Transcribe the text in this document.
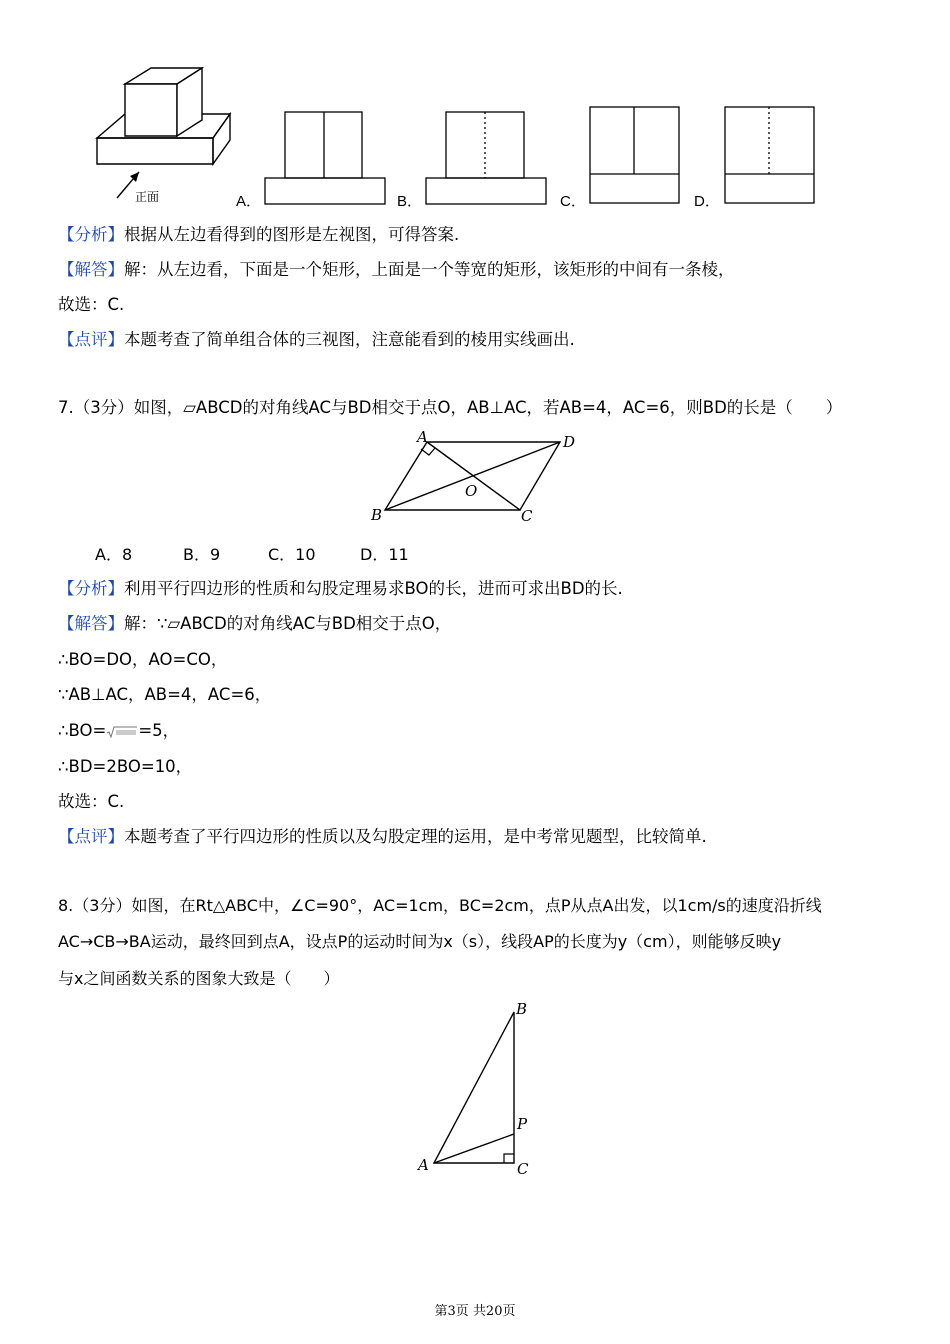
正面	A．	B．	C．	D．
【分析】根据从左边看得到的图形是左视图，可得答案.
【解答】解：从左边看，下面是一个矩形，上面是一个等宽的矩形，该矩形的中间有一条棱，
故选：C.
【点评】本题考查了简单组合体的三视图，注意能看到的棱用实线画出.
7.（3分）如图，▱ABCD的对角线AC与BD相交于点O，AB⊥AC，若AB=4，AC=6，则BD的长是（　　）
A	D
O
B	C
A．8	B．9	C．10	D．11
【分析】利用平行四边形的性质和勾股定理易求BO的长，进而可求出BD的长.
【解答】解：∵▱ABCD的对角线AC与BD相交于点O，
∴BO=DO，AO=CO，
∵AB⊥AC，AB=4，AC=6，
∴BO= =5，
∴BD=2BO=10，
故选：C.
【点评】本题考查了平行四边形的性质以及勾股定理的运用，是中考常见题型，比较简单.
8.（3分）如图，在Rt△ABC中，∠C=90°，AC=1cm，BC=2cm，点P从点A出发，以1cm/s的速度沿折线
AC→CB→BA运动，最终回到点A，设点P的运动时间为x（s），线段AP的长度为y（cm），则能够反映y
与x之间函数关系的图象大致是（　　）
B
P
A	C
第3页 共20页
